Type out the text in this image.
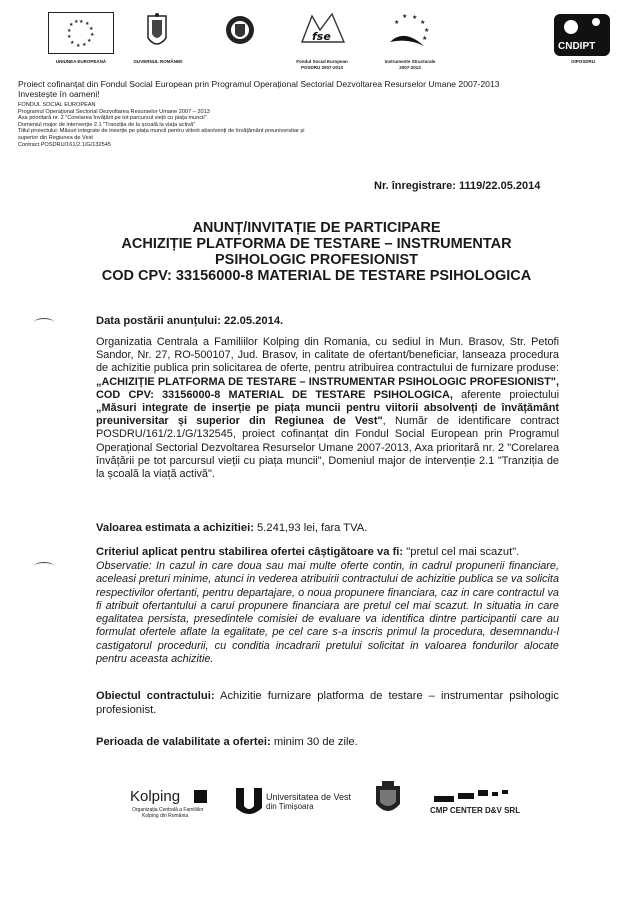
★ ★
★
★
★
★
★
★
★
★
★ ★
UNIUNEA EUROPEANĂ	GUVERNUL ROMÂNIEI
fse
Fondul Social European
POSDRU 2007-2013
★ ★
★
★
★
★
Instrumente Structurale
2007-2013
CNDIPT
OIPOSDRU
Proiect cofinanțat din Fondul Social European prin Programul Operațional Sectorial Dezvoltarea Resurselor Umane 2007-2013
Investește în oameni!
FONDUL SOCIAL EUROPEAN
Programul Operațional Sectorial Dezvoltarea Resurselor Umane 2007 – 2013
Axa prioritară nr. 2 "Corelarea învățării pe tot parcursul vieții cu piața muncii"
Domeniul major de intervenție 2.1 "Tranziția de la școală la viața activă"
Titlul proiectului: Măsuri integrate de inserție pe piața muncii pentru viitorii absolvenți de învățământ preuniversitar și
superior din Regiunea de Vest
Contract POSDRU/161/2.1/G/132545
Nr. înregistrare: 1119/22.05.2014
ANUNȚ/INVITAȚIE DE PARTICIPARE
ACHIZIȚIE PLATFORMA DE TESTARE – INSTRUMENTAR
PSIHOLOGIC PROFESIONIST
COD CPV: 33156000-8 MATERIAL DE TESTARE PSIHOLOGICA
Data postării anunțului: 22.05.2014.
Organizatia Centrala a Familiilor Kolping din Romania, cu sediul in Mun. Brasov, Str. Petofi Sandor, Nr. 27, RO-500107, Jud. Brasov, in calitate de ofertant/beneficiar, lanseaza procedura de achizitie publica prin solicitarea de oferte, pentru atribuirea contractului de furnizare produse: „ACHIZIȚIE PLATFORMA DE TESTARE – INSTRUMENTAR PSIHOLOGIC PROFESIONIST", COD CPV: 33156000-8 MATERIAL DE TESTARE PSIHOLOGICA, aferente proiectului „Măsuri integrate de inserție pe piața muncii pentru viitorii absolvenți de învățământ preuniversitar și superior din Regiunea de Vest", Număr de identificare contract POSDRU/161/2.1/G/132545, proiect cofinanțat din Fondul Social European prin Programul Operațional Sectorial Dezvoltarea Resurselor Umane 2007-2013, Axa prioritară nr. 2 "Corelarea învățării pe tot parcursul vieții cu piața muncii", Domeniul major de intervenție 2.1 "Tranziția de la școală la viață activă".
Valoarea estimata a achizitiei: 5.241,93 lei, fara TVA.
Criteriul aplicat pentru stabilirea ofertei câștigătoare va fi: "pretul cel mai scazut".
Observatie: In cazul in care doua sau mai multe oferte contin, in cadrul propunerii financiare, aceleasi preturi minime, atunci in vederea atribuirii contractului de achizitie publica se va solicita respectivilor ofertanti, pentru departajare, o noua propunere financiara, caz in care contractul va fi atribuit ofertantului a carui propunere financiara are pretul cel mai scazut. In situatia in care egalitatea persista, presedintele comisiei de evaluare va identifica dintre participantii care au formulat ofertele aflate la egalitate, pe cel care s-a inscris primul la procedura, desemnandu-l castigatorul procedurii, cu conditia incadrarii pretului solicitat in valoarea fondurilor alocate pentru aceasta achizitie.
Obiectul contractului: Achizitie furnizare platforma de testare – instrumentar psihologic profesionist.
Perioada de valabilitate a ofertei: minim 30 de zile.
Kolping
Organizația Centrală a Familiilor
Kolping din România
Universitatea de Vest
din Timișoara	CMP CENTER D&V SRL
